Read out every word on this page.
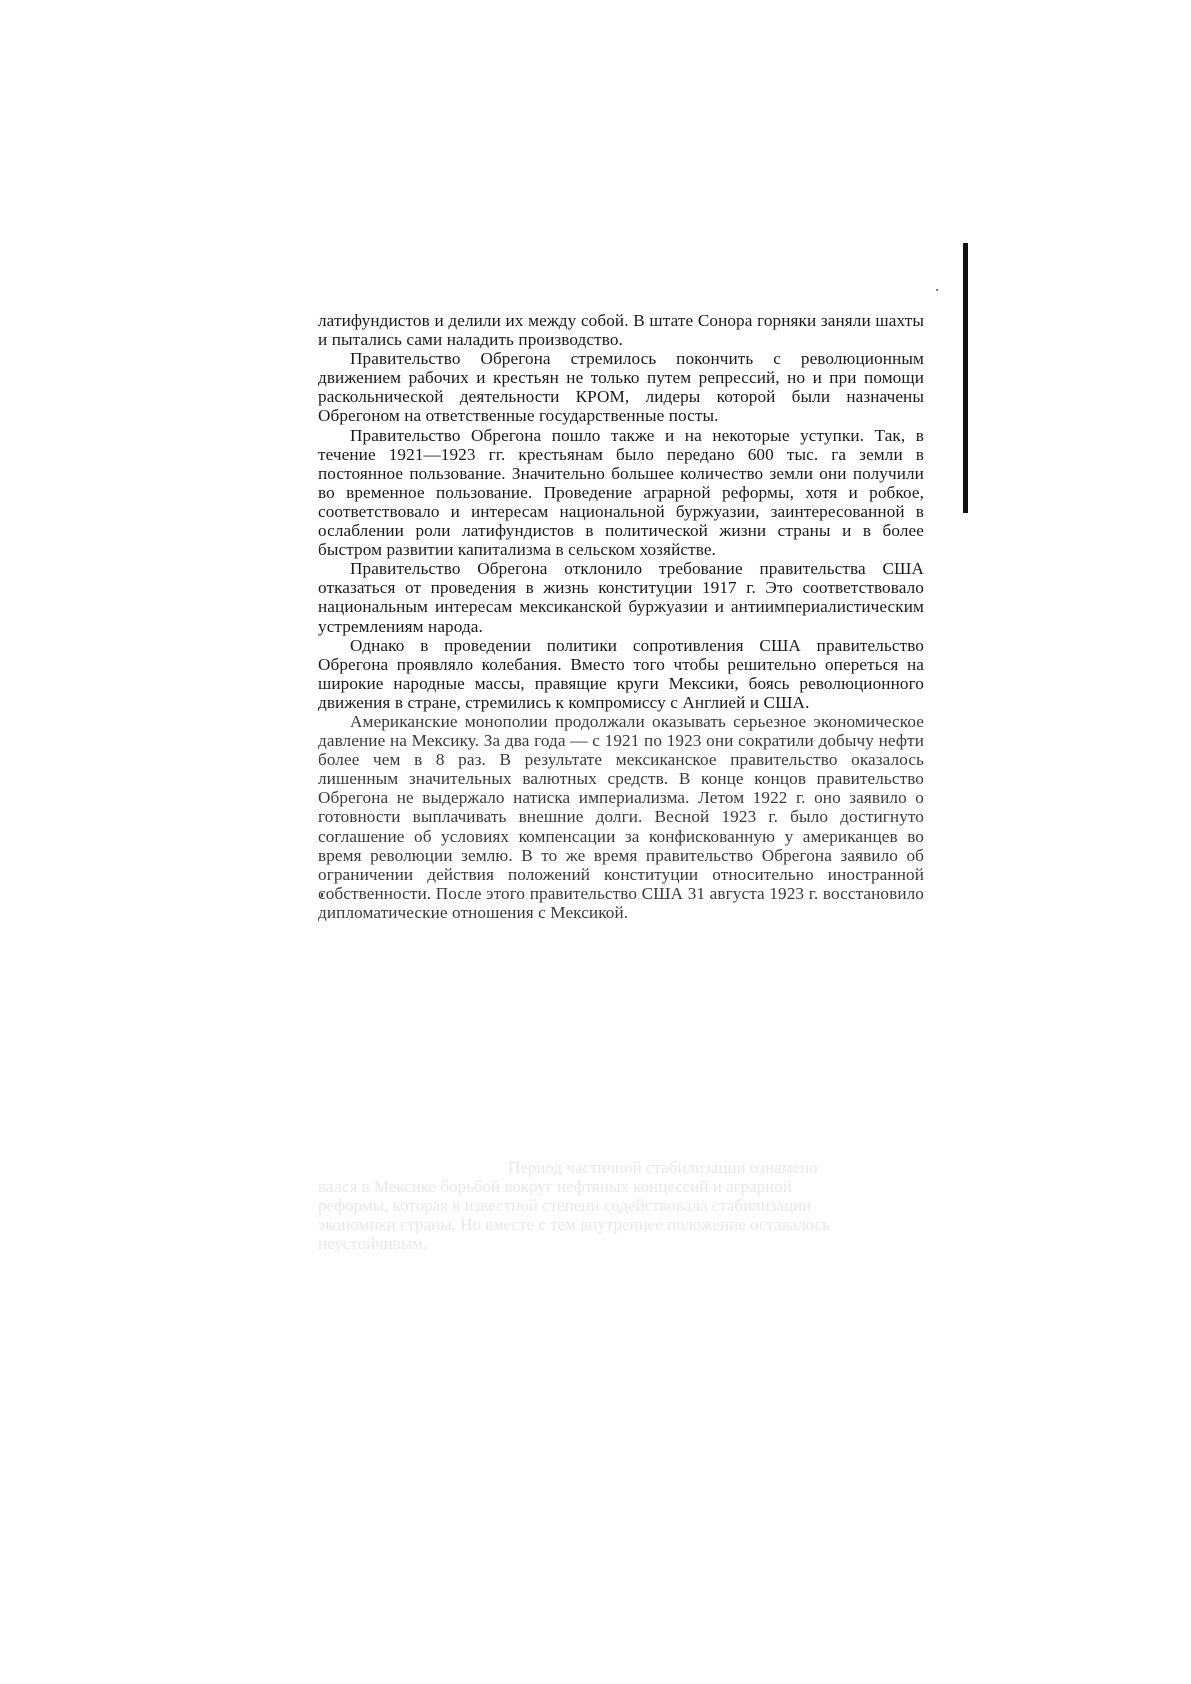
латифундистов и делили их между собой. В штате Сонора горняки заняли шахты и пытались сами наладить производство.

Правительство Обрегона стремилось покончить с революционным движением рабочих и крестьян не только путем репрессий, но и при помощи раскольнической деятельности КРОМ, лидеры которой были назначены Обрегоном на ответственные государственные посты.

Правительство Обрегона пошло также и на некоторые уступки. Так, в течение 1921—1923 гг. крестьянам было передано 600 тыс. га земли в постоянное пользование. Значительно большее количество земли они получили во временное пользование. Проведение аграрной реформы, хотя и робкое, соответствовало и интересам национальной буржуазии, заинтересованной в ослаблении роли латифундистов в политической жизни страны и в более быстром развитии капитализма в сельском хозяйстве.

Правительство Обрегона отклонило требование правительства США отказаться от проведения в жизнь конституции 1917 г. Это соответствовало национальным интересам мексиканской буржуазии и антиимпериалистическим устремлениям народа.

Однако в проведении политики сопротивления США правительство Обрегона проявляло колебания. Вместо того чтобы решительно опереться на широкие народные массы, правящие круги Мексики, боясь революционного движения в стране, стремились к компромиссу с Англией и США.

Американские монополии продолжали оказывать серьезное экономическое давление на Мексику. За два года — с 1921 по 1923 они сократили добычу нефти более чем в 8 раз. В результате мексиканское правительство оказалось лишенным значительных валютных средств. В конце концов правительство Обрегона не выдержало натиска империализма. Летом 1922 г. оно заявило о готовности выплачивать внешние долги. Весной 1923 г. было достигнуто соглашение об условиях компенсации за конфискованную у американцев во время революции землю. В то же время правительство Обрегона заявило об ограничении действия положений конституции относительно иностранной собственности. После этого правительство США 31 августа 1923 г. восстановило дипломатические отношения с Мексикой.

Период частичной стабилизации ознамено

вался в Мексике борьбой вокруг нефтяных концессий и аграрной

реформы, которая в известной степени содействовала стабилизации

экономики страны. Но вместе с тем внутреннее положение оставалось

неустойчивым.
